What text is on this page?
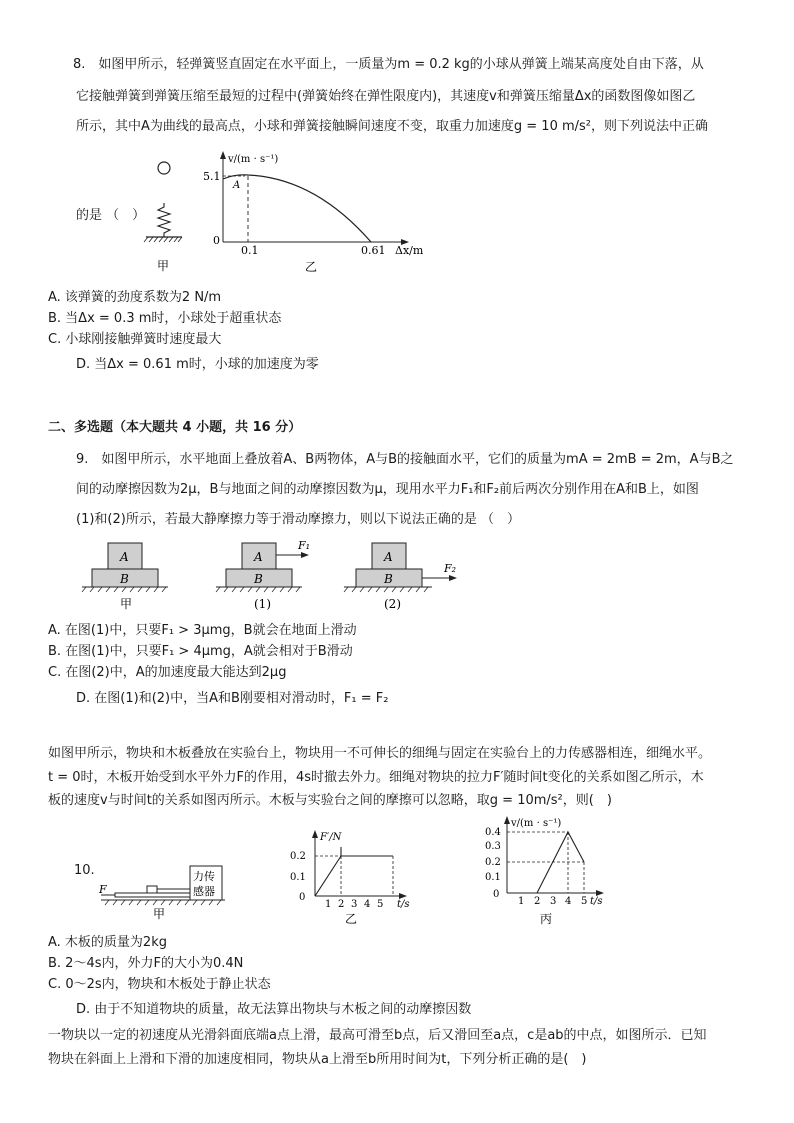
8.　如图甲所示，轻弹簧竖直固定在水平面上，一质量为m = 0.2 kg的小球从弹簧上端某高度处自由下落，从
它接触弹簧到弹簧压缩至最短的过程中(弹簧始终在弹性限度内)，其速度v和弹簧压缩量Δx的函数图像如图乙
所示，其中A为曲线的最高点，小球和弹簧接触瞬间速度不变，取重力加速度g = 10 m/s²，则下列说法中正确
的是 （　）
甲
v/(m · s⁻¹)
Δx/m
5.1
A
0
0.1	0.61
乙
A. 该弹簧的劲度系数为2 N/m
B. 当Δx = 0.3 m时，小球处于超重状态
C. 小球刚接触弹簧时速度最大
D. 当Δx = 0.61 m时，小球的加速度为零
二、多选题（本大题共 4 小题，共 16 分）
9.　如图甲所示，水平地面上叠放着A、B两物体，A与B的接触面水平，它们的质量为mA = 2mB = 2m，A与B之
间的动摩擦因数为2μ，B与地面之间的动摩擦因数为μ，现用水平力F₁和F₂前后两次分别作用在A和B上，如图
(1)和(2)所示，若最大静摩擦力等于滑动摩擦力，则以下说法正确的是 （　）
A
B
甲
A
B
F₁
(1)
A
B
F₂
(2)
A. 在图(1)中，只要F₁ > 3μmg，B就会在地面上滑动
B. 在图(1)中，只要F₁ > 4μmg，A就会相对于B滑动
C. 在图(2)中，A的加速度最大能达到2μg
D. 在图(1)和(2)中，当A和B刚要相对滑动时，F₁ = F₂
如图甲所示，物块和木板叠放在实验台上，物块用一不可伸长的细绳与固定在实验台上的力传感器相连，细绳水平。
t = 0时，木板开始受到水平外力F的作用，4s时撤去外力。细绳对物块的拉力F′随时间t变化的关系如图乙所示，木
板的速度v与时间t的关系如图丙所示。木板与实验台之间的摩擦可以忽略，取g = 10m/s²，则(　)
10.	力传
感器
F
甲
F′/N
t/s
0.2
0.1
0
1 2 3 4 5
乙
v/(m · s⁻¹)
t/s
0.4
0.3
0.2
0.1
0
1 2 3 4 5
丙
A. 木板的质量为2kg
B. 2～4s内，外力F的大小为0.4N
C. 0～2s内，物块和木板处于静止状态
D. 由于不知道物块的质量，故无法算出物块与木板之间的动摩擦因数
一物块以一定的初速度从光滑斜面底端a点上滑，最高可滑至b点，后又滑回至a点，c是ab的中点，如图所示．已知
物块在斜面上上滑和下滑的加速度相同，物块从a上滑至b所用时间为t，下列分析正确的是(　)
